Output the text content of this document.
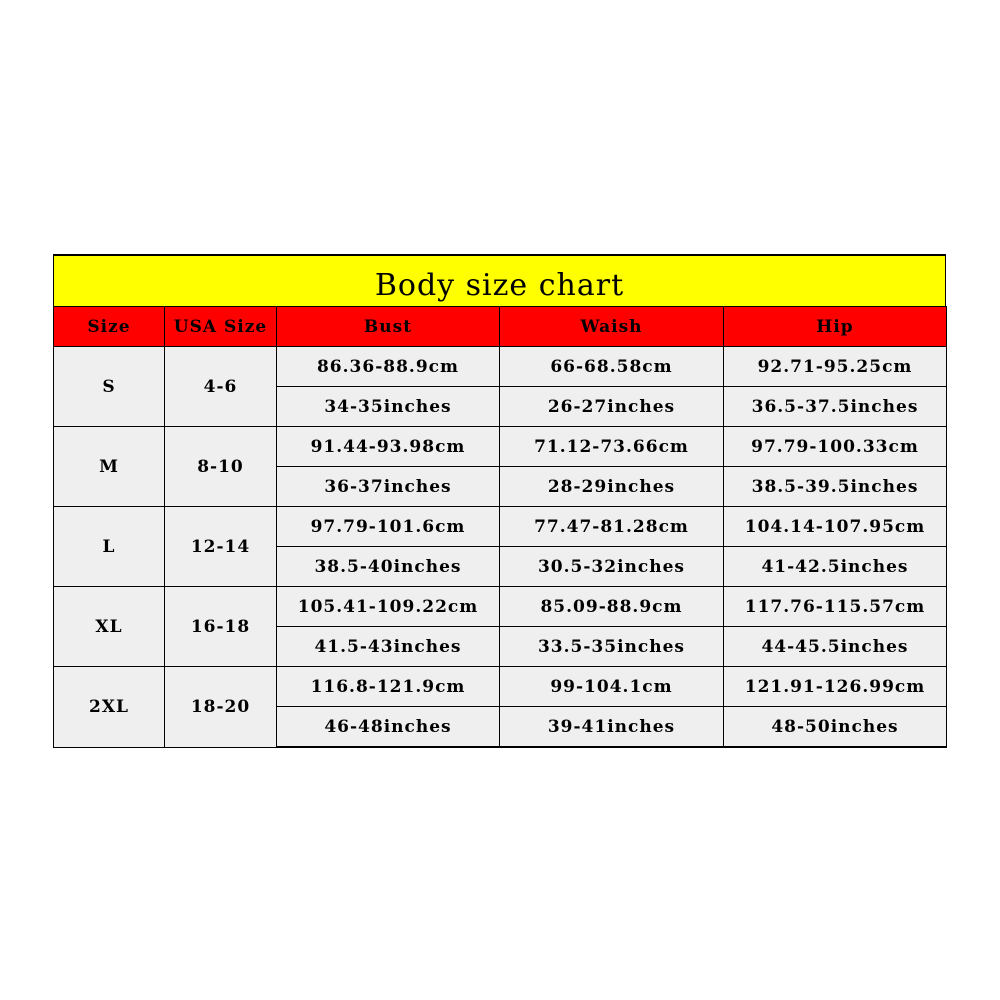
Body size chart
Size	USA Size	Bust	Waish	Hip
S	4-6	86.36-88.9cm	66-68.58cm	92.71-95.25cm
		34-35inches	26-27inches	36.5-37.5inches
M	8-10	91.44-93.98cm	71.12-73.66cm	97.79-100.33cm
		36-37inches	28-29inches	38.5-39.5inches
L	12-14	97.79-101.6cm	77.47-81.28cm	104.14-107.95cm
		38.5-40inches	30.5-32inches	41-42.5inches
XL	16-18	105.41-109.22cm	85.09-88.9cm	117.76-115.57cm
		41.5-43inches	33.5-35inches	44-45.5inches
2XL	18-20	116.8-121.9cm	99-104.1cm	121.91-126.99cm
		46-48inches	39-41inches	48-50inches
